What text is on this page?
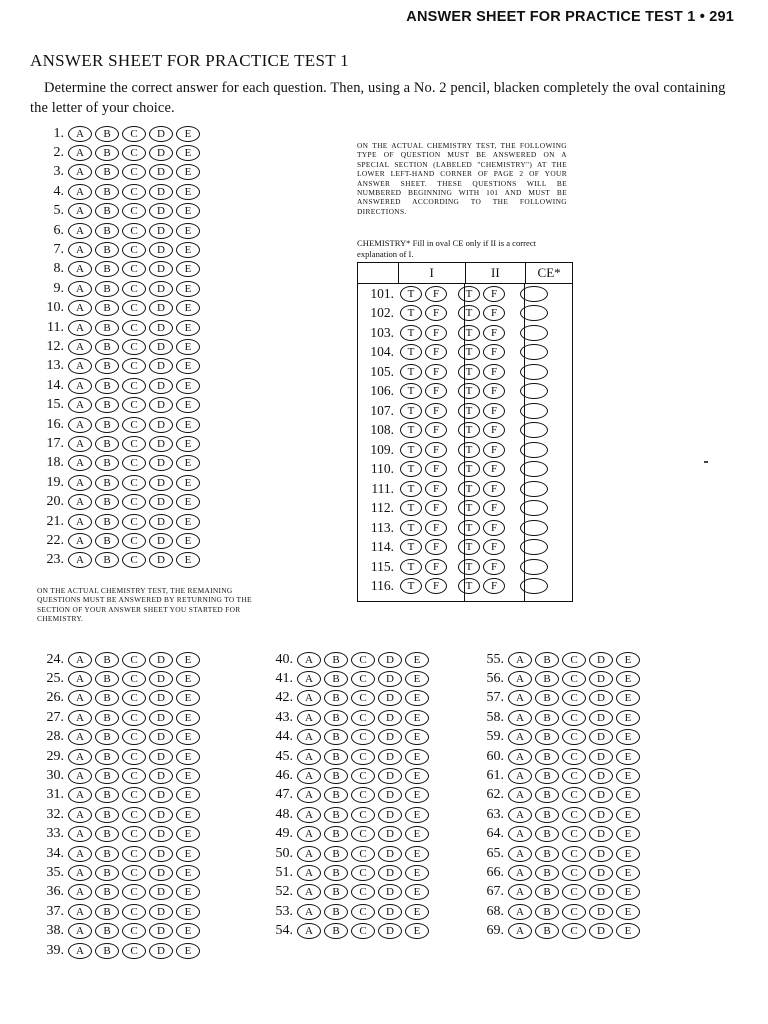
ANSWER SHEET FOR PRACTICE TEST 1 • 291
ANSWER SHEET FOR PRACTICE TEST 1
Determine the correct answer for each question. Then, using a No. 2 pencil, blacken completely the oval containing the letter of your choice.
1.	A	B	C	D	E
2.	A	B	C	D	E
3.	A	B	C	D	E
4.	A	B	C	D	E
5.	A	B	C	D	E
6.	A	B	C	D	E
7.	A	B	C	D	E
8.	A	B	C	D	E
9.	A	B	C	D	E
10.	A	B	C	D	E
11.	A	B	C	D	E
12.	A	B	C	D	E
13.	A	B	C	D	E
14.	A	B	C	D	E
15.	A	B	C	D	E
16.	A	B	C	D	E
17.	A	B	C	D	E
18.	A	B	C	D	E
19.	A	B	C	D	E
20.	A	B	C	D	E
21.	A	B	C	D	E
22.	A	B	C	D	E
23.	A	B	C	D	E
24.	A	B	C	D	E
25.	A	B	C	D	E
26.	A	B	C	D	E
27.	A	B	C	D	E
28.	A	B	C	D	E
29.	A	B	C	D	E
30.	A	B	C	D	E
31.	A	B	C	D	E
32.	A	B	C	D	E
33.	A	B	C	D	E
34.	A	B	C	D	E
35.	A	B	C	D	E
36.	A	B	C	D	E
37.	A	B	C	D	E
38.	A	B	C	D	E
39.	A	B	C	D	E
40.	A	B	C	D	E
41.	A	B	C	D	E
42.	A	B	C	D	E
43.	A	B	C	D	E
44.	A	B	C	D	E
45.	A	B	C	D	E
46.	A	B	C	D	E
47.	A	B	C	D	E
48.	A	B	C	D	E
49.	A	B	C	D	E
50.	A	B	C	D	E
51.	A	B	C	D	E
52.	A	B	C	D	E
53.	A	B	C	D	E
54.	A	B	C	D	E
55.	A	B	C	D	E
56.	A	B	C	D	E
57.	A	B	C	D	E
58.	A	B	C	D	E
59.	A	B	C	D	E
60.	A	B	C	D	E
61.	A	B	C	D	E
62.	A	B	C	D	E
63.	A	B	C	D	E
64.	A	B	C	D	E
65.	A	B	C	D	E
66.	A	B	C	D	E
67.	A	B	C	D	E
68.	A	B	C	D	E
69.	A	B	C	D	E
ON THE ACTUAL CHEMISTRY TEST, THE FOLLOWING TYPE OF QUESTION MUST BE ANSWERED ON A SPECIAL SECTION (LABELED "CHEMISTRY") AT THE LOWER LEFT-HAND CORNER OF PAGE 2 OF YOUR ANSWER SHEET. THESE QUESTIONS WILL BE NUMBERED BEGINNING WITH 101 AND MUST BE ANSWERED ACCORDING TO THE FOLLOWING DIRECTIONS.
CHEMISTRY* Fill in oval CE only if II is a correct explanation of I.
I	II	CE*
101.	T	F	T	F
102.	T	F	T	F
103.	T	F	T	F
104.	T	F	T	F
105.	T	F	T	F
106.	T	F	T	F
107.	T	F	T	F
108.	T	F	T	F
109.	T	F	T	F
110.	T	F	T	F
111.	T	F	T	F
112.	T	F	T	F
113.	T	F	T	F
114.	T	F	T	F
115.	T	F	T	F
116.	T	F	T	F
ON THE ACTUAL CHEMISTRY TEST, THE REMAINING QUESTIONS MUST BE ANSWERED BY RETURNING TO THE SECTION OF YOUR ANSWER SHEET YOU STARTED FOR CHEMISTRY.
